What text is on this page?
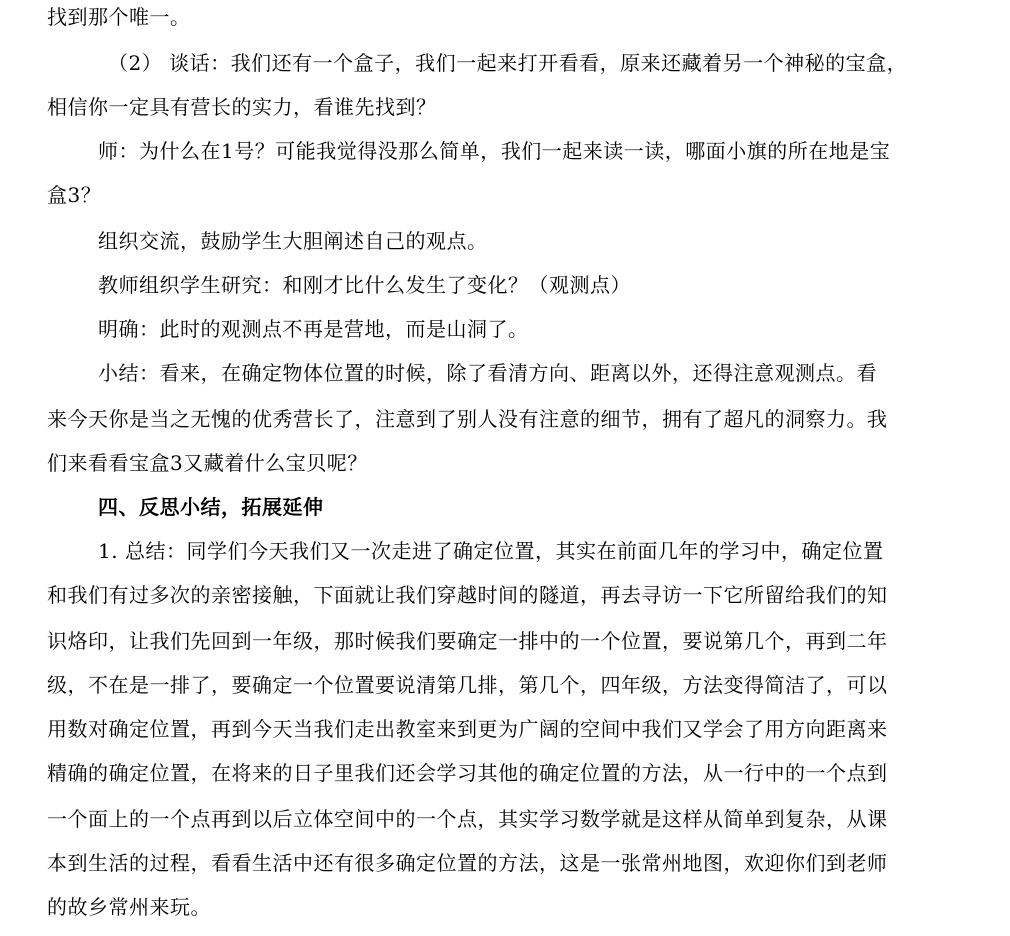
找到那个唯一。
（2） 谈话：我们还有一个盒子，我们一起来打开看看，原来还藏着另一个神秘的宝盒，
相信你一定具有营长的实力，看谁先找到？
师：为什么在1号？可能我觉得没那么简单，我们一起来读一读，哪面小旗的所在地是宝
盒3？
组织交流，鼓励学生大胆阐述自己的观点。
教师组织学生研究：和刚才比什么发生了变化？（观测点）
明确：此时的观测点不再是营地，而是山洞了。
小结：看来，在确定物体位置的时候，除了看清方向、距离以外，还得注意观测点。看
来今天你是当之无愧的优秀营长了，注意到了别人没有注意的细节，拥有了超凡的洞察力。我
们来看看宝盒3又藏着什么宝贝呢？
四、反思小结，拓展延伸
1. 总结：同学们今天我们又一次走进了确定位置，其实在前面几年的学习中，确定位置
和我们有过多次的亲密接触，下面就让我们穿越时间的隧道，再去寻访一下它所留给我们的知
识烙印，让我们先回到一年级，那时候我们要确定一排中的一个位置，要说第几个，再到二年
级，不在是一排了，要确定一个位置要说清第几排，第几个，四年级，方法变得简洁了，可以
用数对确定位置，再到今天当我们走出教室来到更为广阔的空间中我们又学会了用方向距离来
精确的确定位置，在将来的日子里我们还会学习其他的确定位置的方法，从一行中的一个点到
一个面上的一个点再到以后立体空间中的一个点，其实学习数学就是这样从简单到复杂，从课
本到生活的过程，看看生活中还有很多确定位置的方法，这是一张常州地图，欢迎你们到老师
的故乡常州来玩。
